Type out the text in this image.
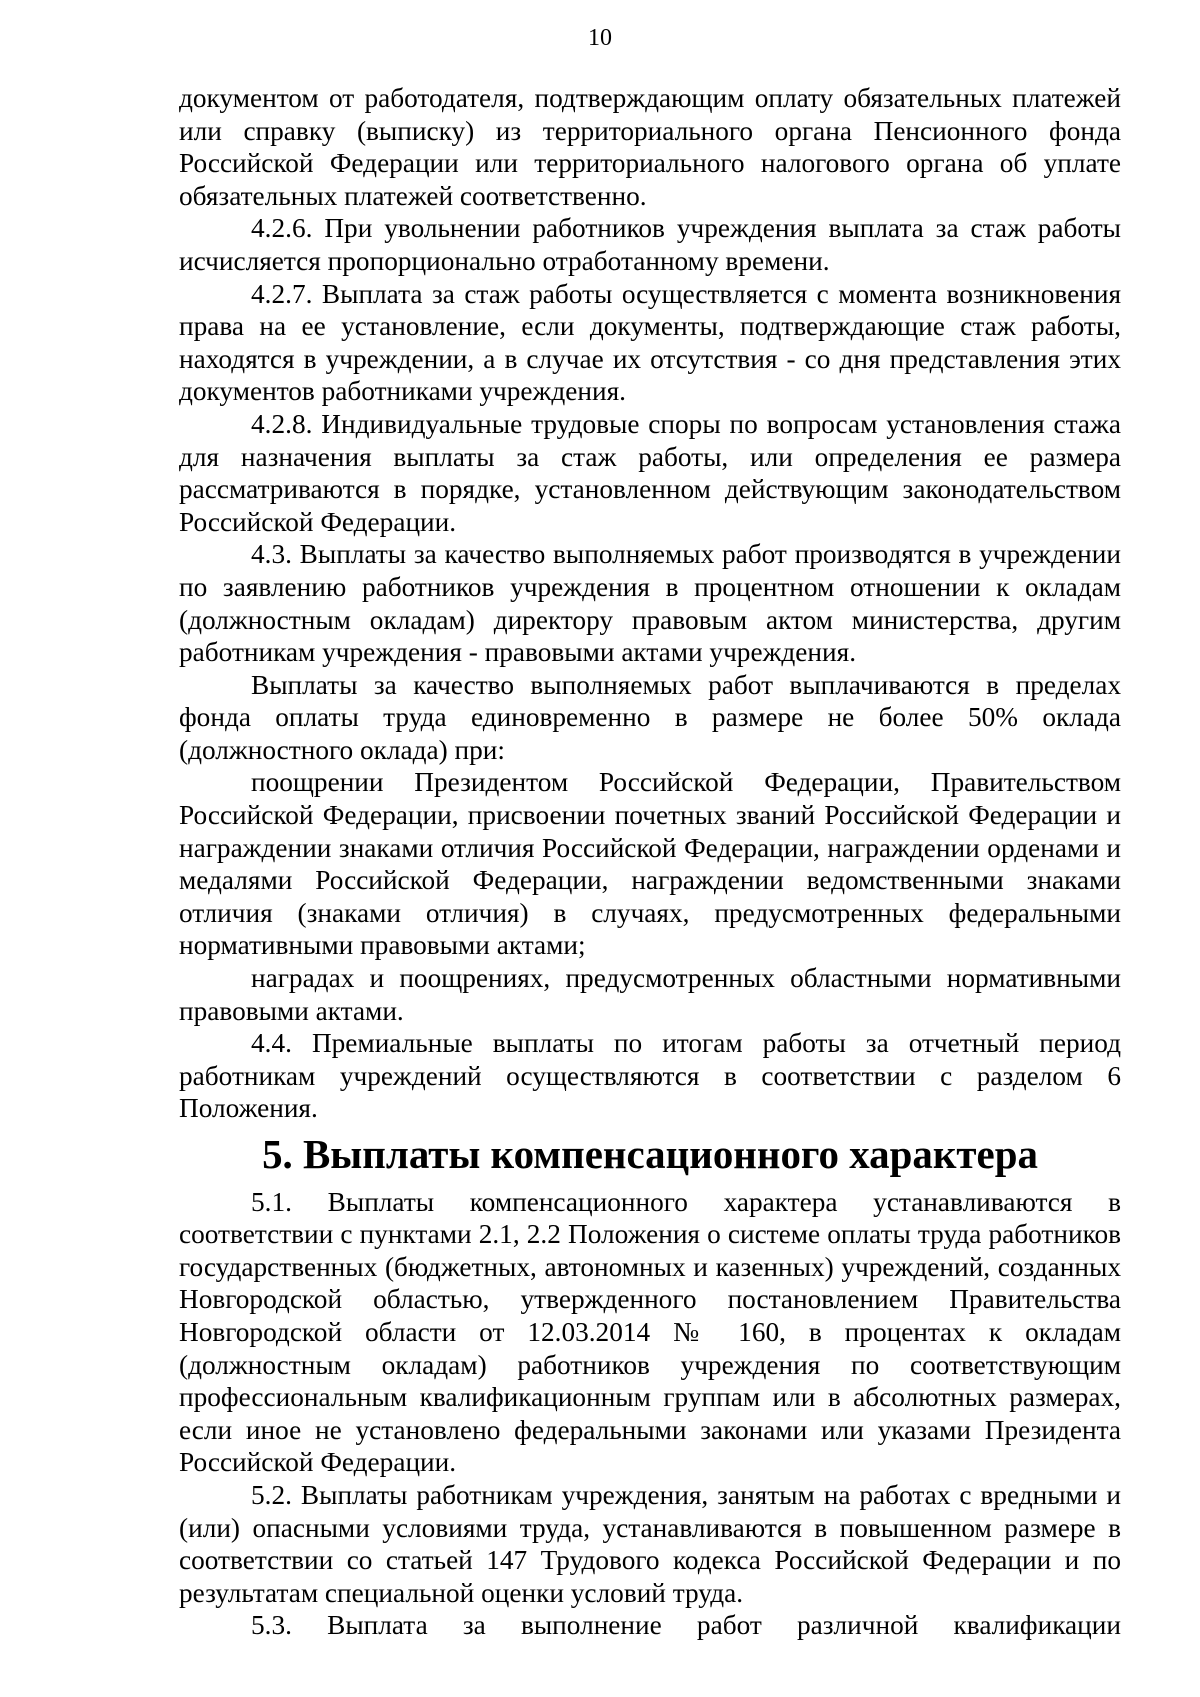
10

документом от работодателя, подтверждающим оплату обязательных платежей или справку (выписку) из территориального органа Пенсионного фонда Российской Федерации или территориального налогового органа об уплате обязательных платежей соответственно.

4.2.6. При увольнении работников учреждения выплата за стаж работы исчисляется пропорционально отработанному времени.

4.2.7. Выплата за стаж работы осуществляется с момента возникновения права на ее установление, если документы, подтверждающие стаж работы, находятся в учреждении, а в случае их отсутствия - со дня представления этих документов работниками учреждения.

4.2.8. Индивидуальные трудовые споры по вопросам установления стажа для назначения выплаты за стаж работы, или определения ее размера рассматриваются в порядке, установленном действующим законодательством Российской Федерации.

4.3. Выплаты за качество выполняемых работ производятся в учреждении по заявлению работников учреждения в процентном отношении к окладам (должностным окладам) директору правовым актом министерства, другим работникам учреждения - правовыми актами учреждения.

Выплаты за качество выполняемых работ выплачиваются в пределах фонда оплаты труда единовременно в размере не более 50% оклада (должностного оклада) при:

поощрении Президентом Российской Федерации, Правительством Российской Федерации, присвоении почетных званий Российской Федерации и награждении знаками отличия Российской Федерации, награждении орденами и медалями Российской Федерации, награждении ведомственными знаками отличия (знаками отличия) в случаях, предусмотренных федеральными нормативными правовыми актами;

наградах и поощрениях, предусмотренных областными нормативными правовыми актами.

4.4. Премиальные выплаты по итогам работы за отчетный период работникам учреждений осуществляются в соответствии с разделом 6 Положения.

5. Выплаты компенсационного характера

5.1. Выплаты компенсационного характера устанавливаются в соответствии с пунктами 2.1, 2.2 Положения о системе оплаты труда работников государственных (бюджетных, автономных и казенных) учреждений, созданных Новгородской областью, утвержденного постановлением Правительства Новгородской области от 12.03.2014 № 160, в процентах к окладам (должностным окладам) работников учреждения по соответствующим профессиональным квалификационным группам или в абсолютных размерах, если иное не установлено федеральными законами или указами Президента Российской Федерации.

5.2. Выплаты работникам учреждения, занятым на работах с вредными и (или) опасными условиями труда, устанавливаются в повышенном размере в соответствии со статьей 147 Трудового кодекса Российской Федерации и по результатам специальной оценки условий труда.

5.3. Выплата за выполнение работ различной квалификации
